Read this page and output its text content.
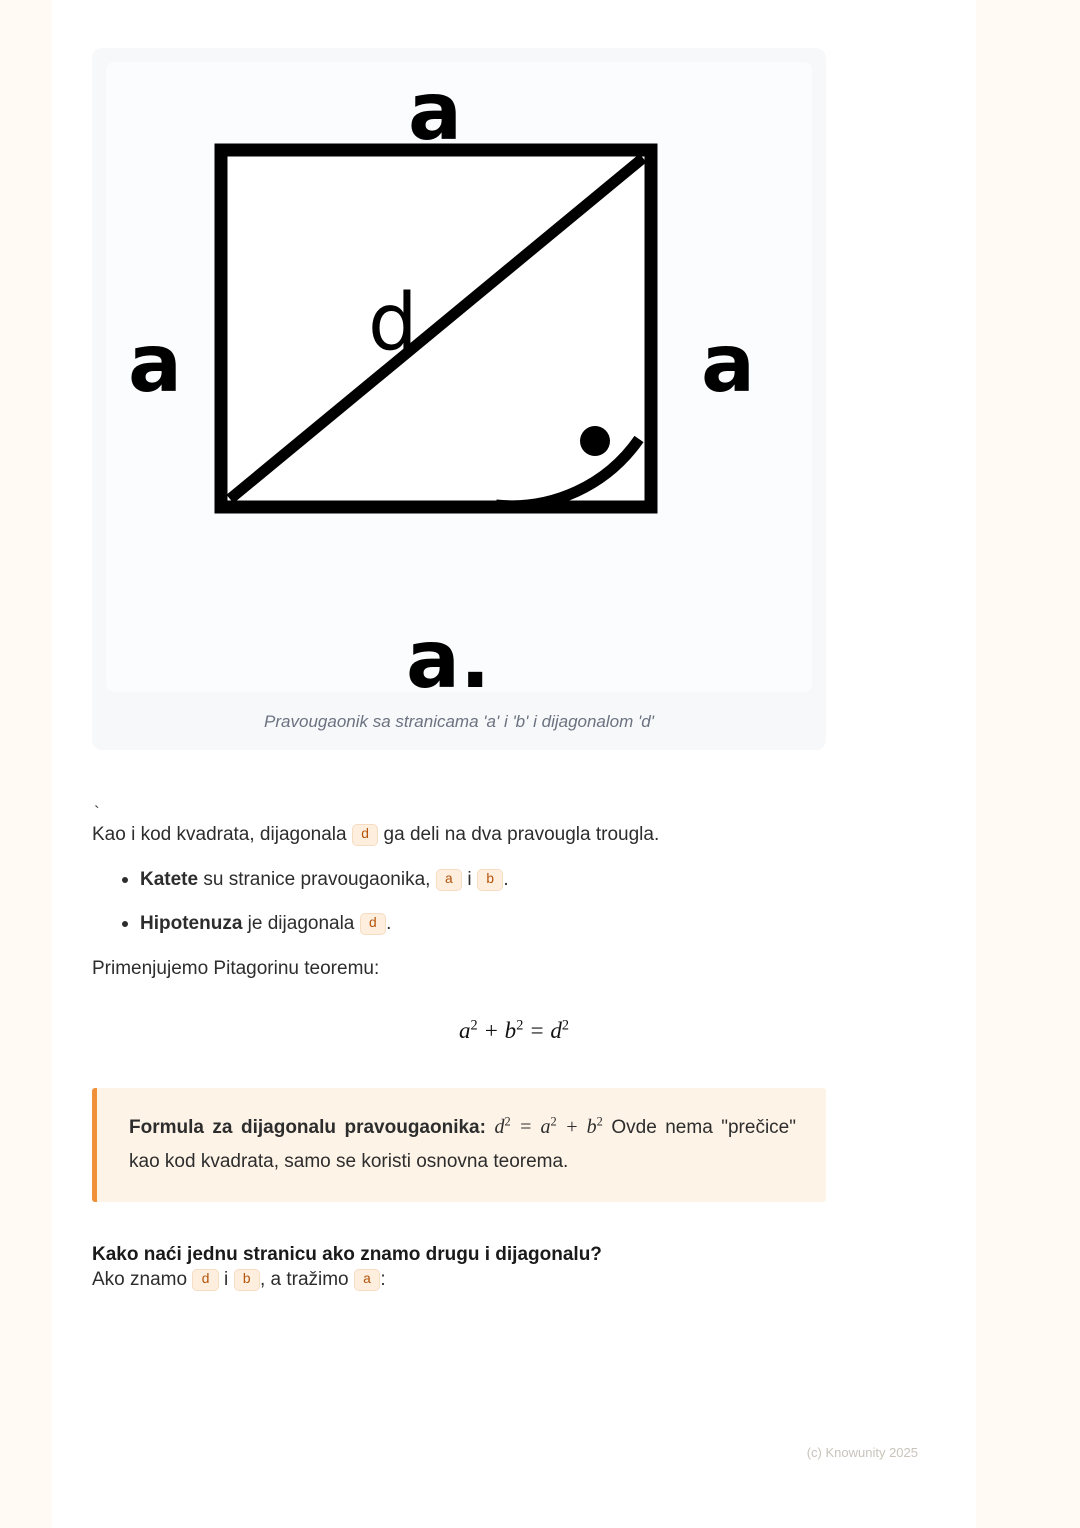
a
a	a
a.
d
Pravougaonik sa stranicama 'a' i 'b' i dijagonalom 'd'
`

Kao i kod kvadrata, dijagonala d ga deli na dva pravougla trougla.

Katete su stranice pravougaonika, a i b .
Hipotenuza je dijagonala d .

Primenjujemo Pitagorinu teoremu:

$a^2 + b^2 = d^2$
Formula za dijagonalu pravougaonika: $d^2 = a^2 + b^2$ Ovde nema "prečice" kao kod kvadrata, samo se koristi osnovna teorema.
Kako naći jednu stranicu ako znamo drugu i dijagonalu?

Ako znamo d i b , a tražimo a :

(c) Knowunity 2025
